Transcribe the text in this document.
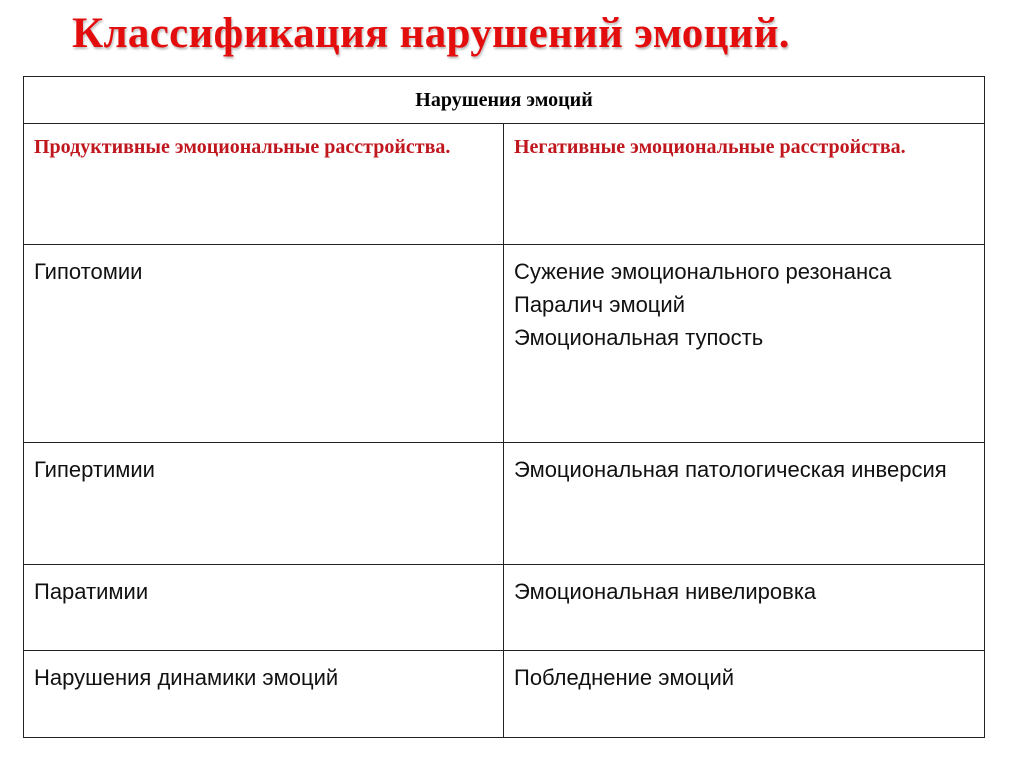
Классификация нарушений эмоций.
Нарушения эмоций	

Продуктивные эмоциональные расстройства.	Негативные эмоциональные расстройства.

Гипотомии	Сужение эмоционального резонанса
Паралич эмоций
Эмоциональная тупость

Гипертимии	Эмоциональная патологическая инверсия

Паратимии	Эмоциональная нивелировка

Нарушения динамики эмоций	Побледнение эмоций
